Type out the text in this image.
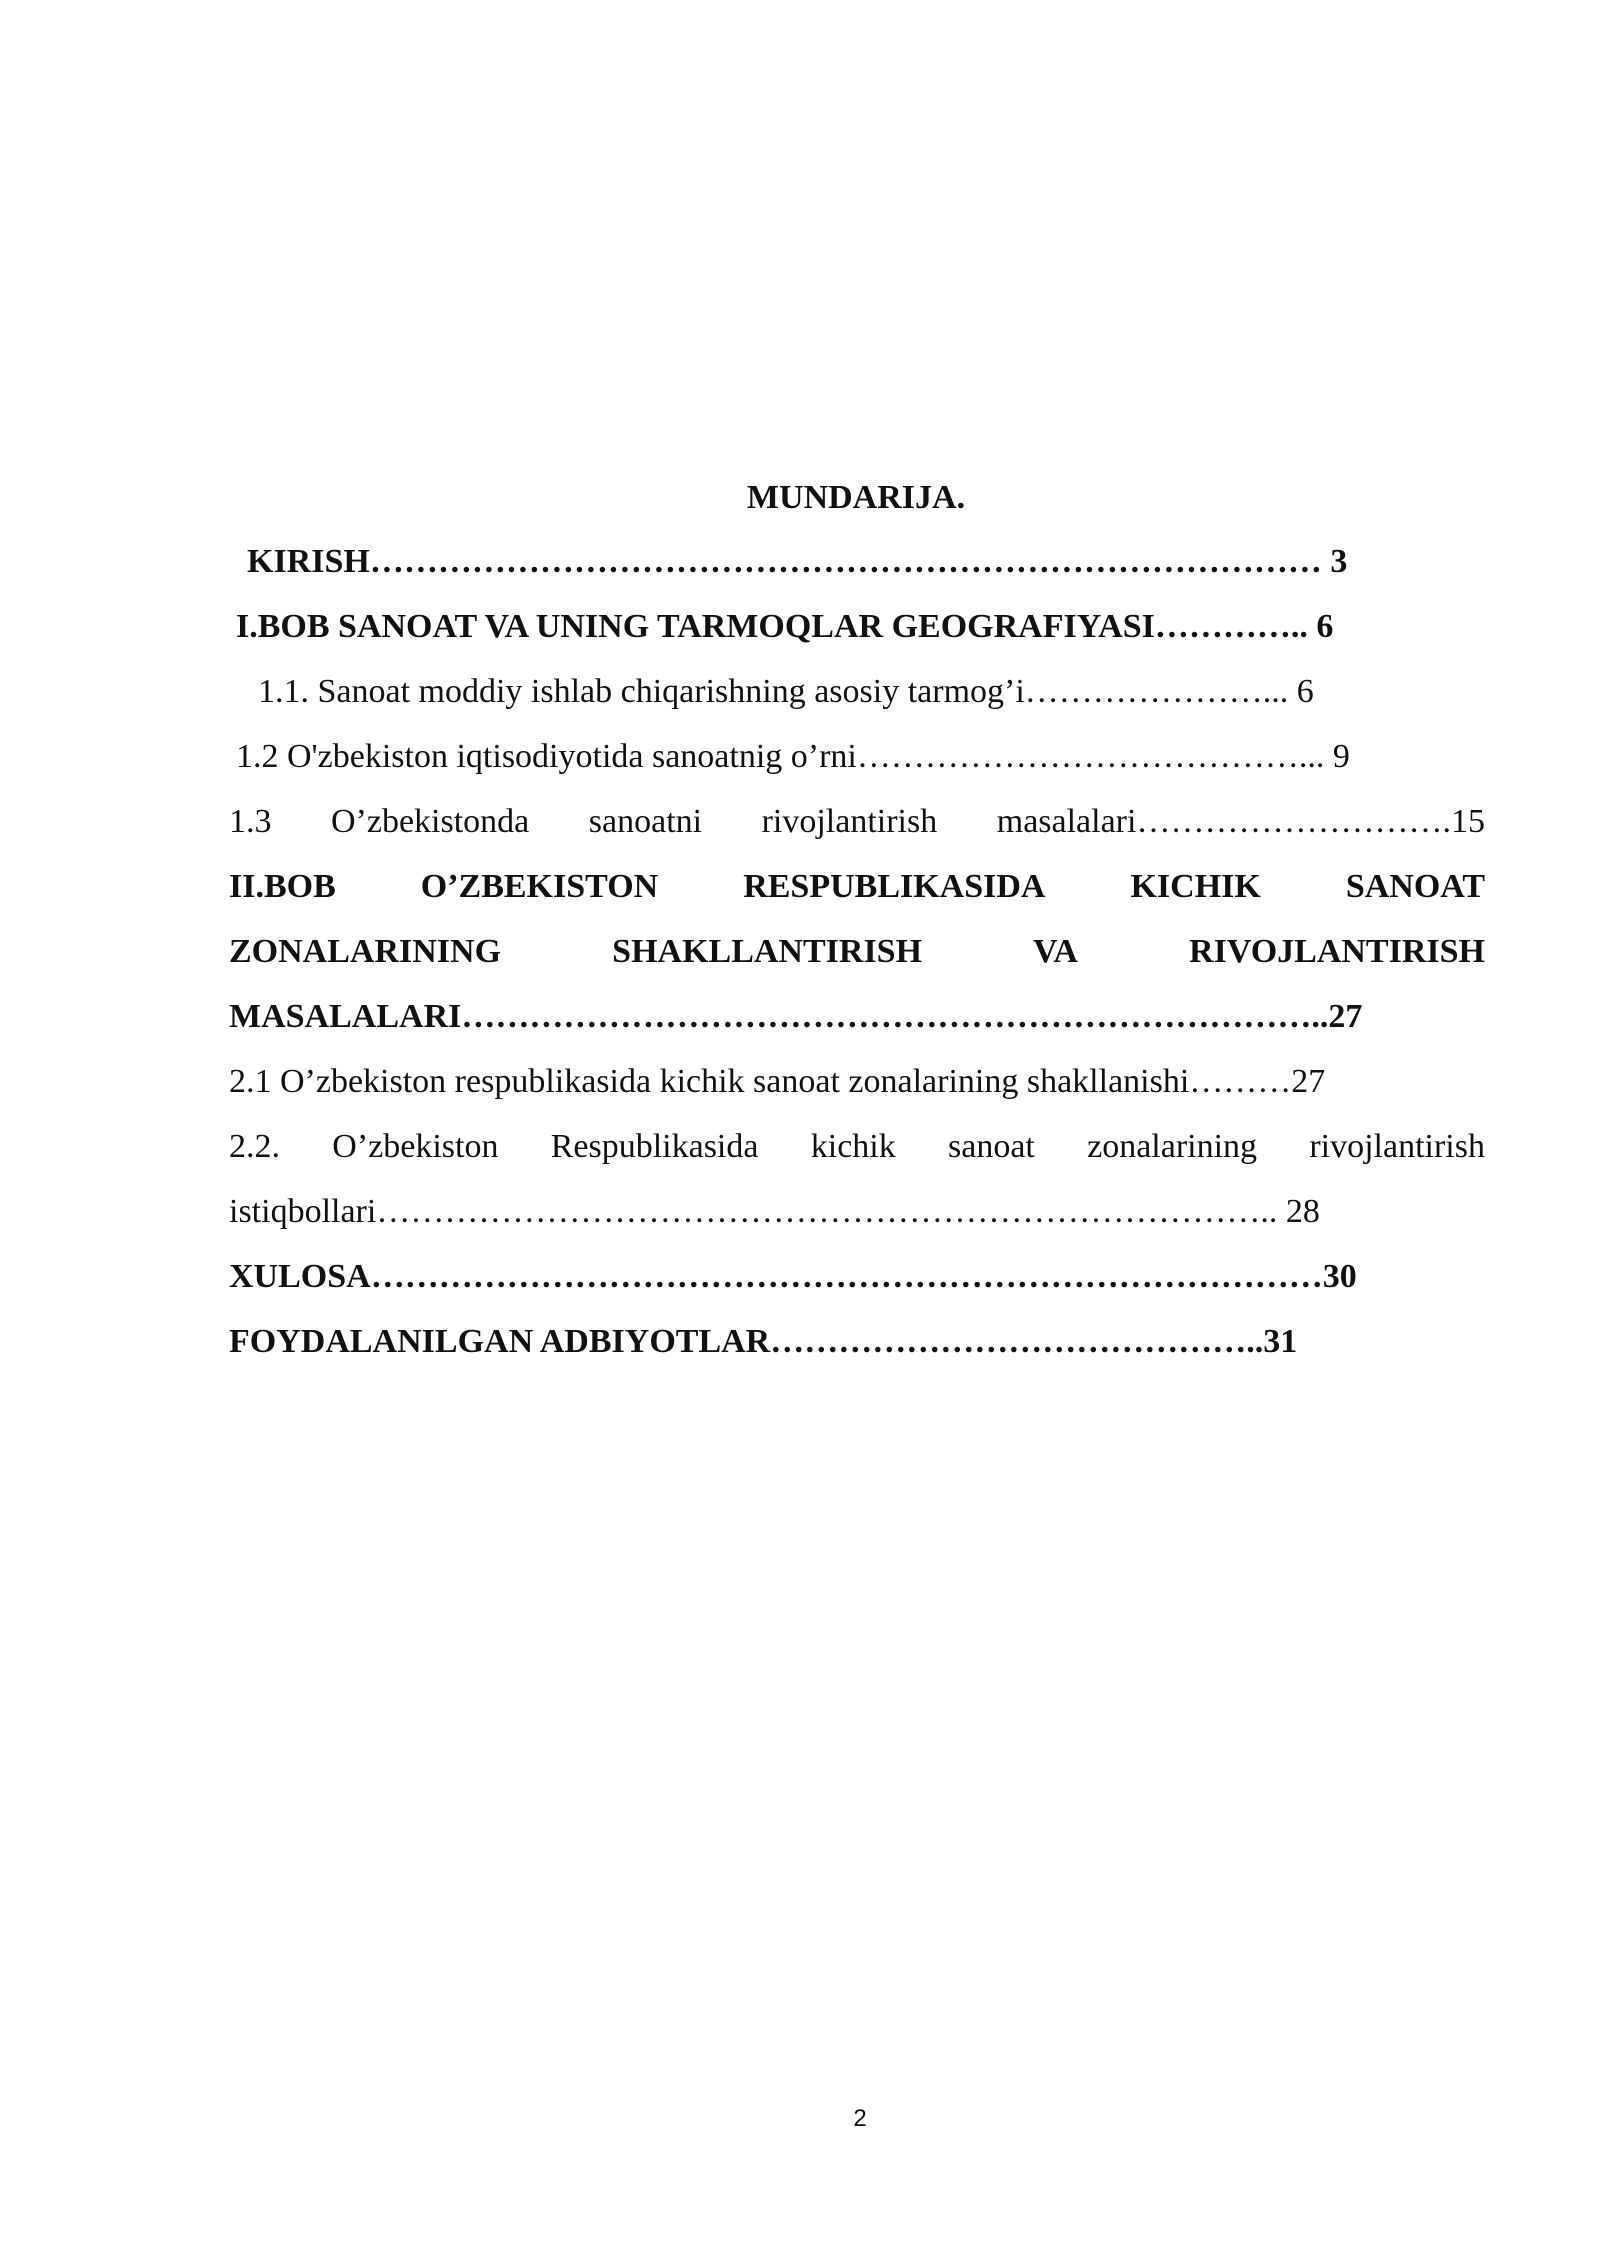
MUNDARIJA.
KIRISH………………………………………………………………………… 3
I.BOB SANOAT VA UNING TARMOQLAR GEOGRAFIYASI………….. 6
1.1. Sanoat moddiy ishlab chiqarishning asosiy tarmog’i…………………... 6
1.2 O'zbekiston iqtisodiyotida sanoatnig o’rni…………………………………... 9
1.3 O’zbekistonda sanoatni rivojlantirish masalalari……………………….15
II.BOB O’ZBEKISTON RESPUBLIKASIDA KICHIK SANOAT
ZONALARINING	SHAKLLANTIRISH	VA	RIVOJLANTIRISH
MASALALARI…………………………………………………………………..27
2.1 O’zbekiston respublikasida kichik sanoat zonalarining shakllanishi………27
2.2. O’zbekiston Respublikasida kichik sanoat zonalarining rivojlantirish
istiqbollari…………………………………………………………………….. 28
XULOSA…………………………………………………………………………30
FOYDALANILGAN ADBIYOTLAR……………………………………..31
2
